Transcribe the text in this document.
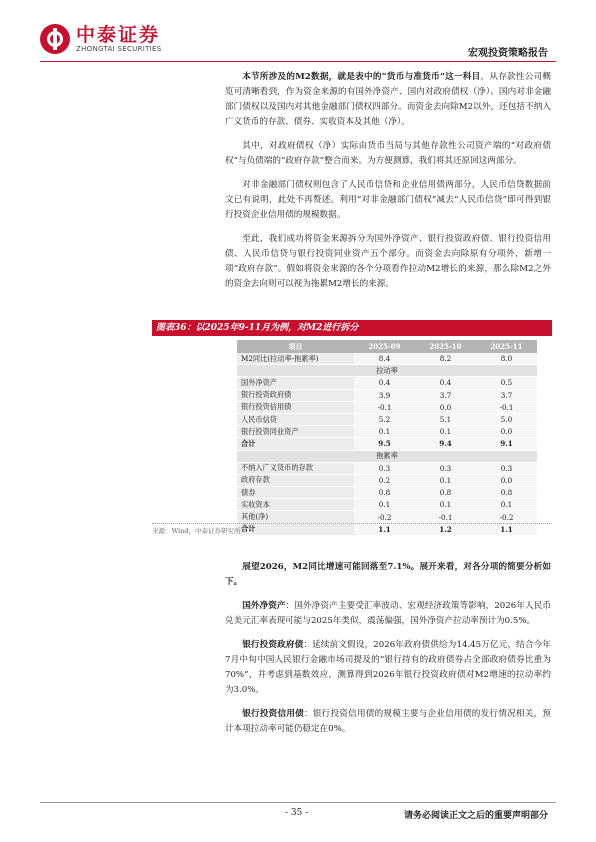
中泰证券
ZHONGTAI SECURITIES	宏观投资策略报告

本节所涉及的M2数据，就是表中的“货币与准货币”这一科目。从存款性公司概览可清晰看到，作为资金来源的有国外净资产、国内对政府债权（净）、国内对非金融部门债权以及国内对其他金融部门债权四部分。而资金去向除M2以外，还包括不纳入广义货币的存款、债券、实收资本及其他（净）。

其中，对政府债权（净）实际由货币当局与其他存款性公司资产端的“对政府债权”与负债端的“政府存款”整合而来。为方便测算，我们将其还原回这两部分。

对非金融部门债权则包含了人民币信贷和企业信用债两部分，人民币信贷数据前文已有说明，此处不再赘述。利用“对非金融部门债权”减去“人民币信贷”即可得到银行投资企业信用债的规模数据。

至此，我们成功将资金来源拆分为国外净资产、银行投资政府债、银行投资信用债、人民币信贷与银行投资同业资产五个部分。而资金去向除原有分项外，新增一项“政府存款”。假如将资金来源的各个分项看作拉动M2增长的来源，那么除M2之外的资金去向则可以视为拖累M2增长的来源。

图表36：以2025年9-11月为例，对M2进行拆分
项目	2025-09	2025-10	2025-11
M2同比(拉动率-拖累率)	8.4	8.2	8.0
拉动率			
国外净资产	0.4	0.4	0.5
银行投资政府债	3.9	3.7	3.7
银行投资信用债	-0.1	0.0	-0.1
人民币信贷	5.2	5.1	5.0
银行投资同业资产	0.1	0.1	0.0
合计	9.5	9.4	9.1
拖累率			
不纳入广义货币的存款	0.3	0.3	0.3
政府存款	0.2	0.1	0.0
债券	0.8	0.8	0.8
实收资本	0.1	0.1	0.1
其他(净)	-0.2	-0.1	-0.2
合计	1.1	1.2	1.1
来源：Wind，中泰证券研究所

展望2026，M2同比增速可能回落至7.1%。展开来看，对各分项的简要分析如下。

国外净资产：国外净资产主要受汇率波动、宏观经济政策等影响，2026年人民币兑美元汇率表现可能与2025年类似，震荡偏强，国外净资产拉动率预计为0.5%。

银行投资政府债：延续前文假设，2026年政府债供给为14.45万亿元，结合今年7月中旬中国人民银行金融市场司提及的“银行持有的政府债券占全部政府债券比重为70%”，并考虑到基数效应，测算得到2026年银行投资政府债对M2增速的拉动率约为3.0%。

银行投资信用债：银行投资信用债的规模主要与企业信用债的发行情况相关，预计本项拉动率可能仍稳定在0%。

- 35 -	请务必阅读正文之后的重要声明部分
